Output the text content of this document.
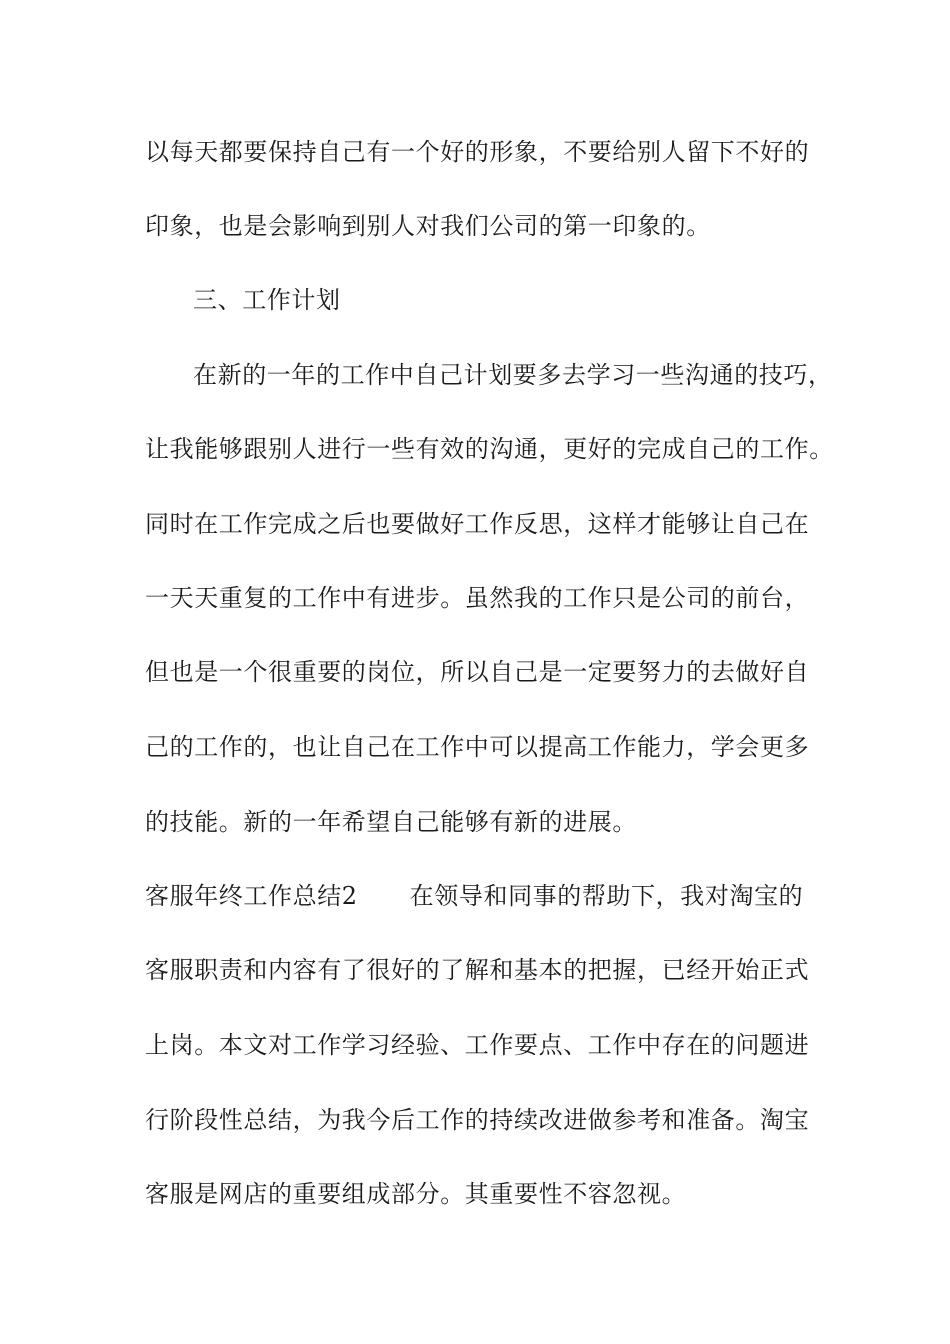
以每天都要保持自己有一个好的形象，不要给别人留下不好的
印象，也是会影响到别人对我们公司的第一印象的。
三、工作计划
在新的一年的工作中自己计划要多去学习一些沟通的技巧，
让我能够跟别人进行一些有效的沟通，更好的完成自己的工作。
同时在工作完成之后也要做好工作反思，这样才能够让自己在
一天天重复的工作中有进步。虽然我的工作只是公司的前台，
但也是一个很重要的岗位，所以自己是一定要努力的去做好自
己的工作的，也让自己在工作中可以提高工作能力，学会更多
的技能。新的一年希望自己能够有新的进展。
客服年终工作总结2 在领导和同事的帮助下，我对淘宝的
客服职责和内容有了很好的了解和基本的把握，已经开始正式
上岗。本文对工作学习经验、工作要点、工作中存在的问题进
行阶段性总结，为我今后工作的持续改进做参考和准备。淘宝
客服是网店的重要组成部分。其重要性不容忽视。
